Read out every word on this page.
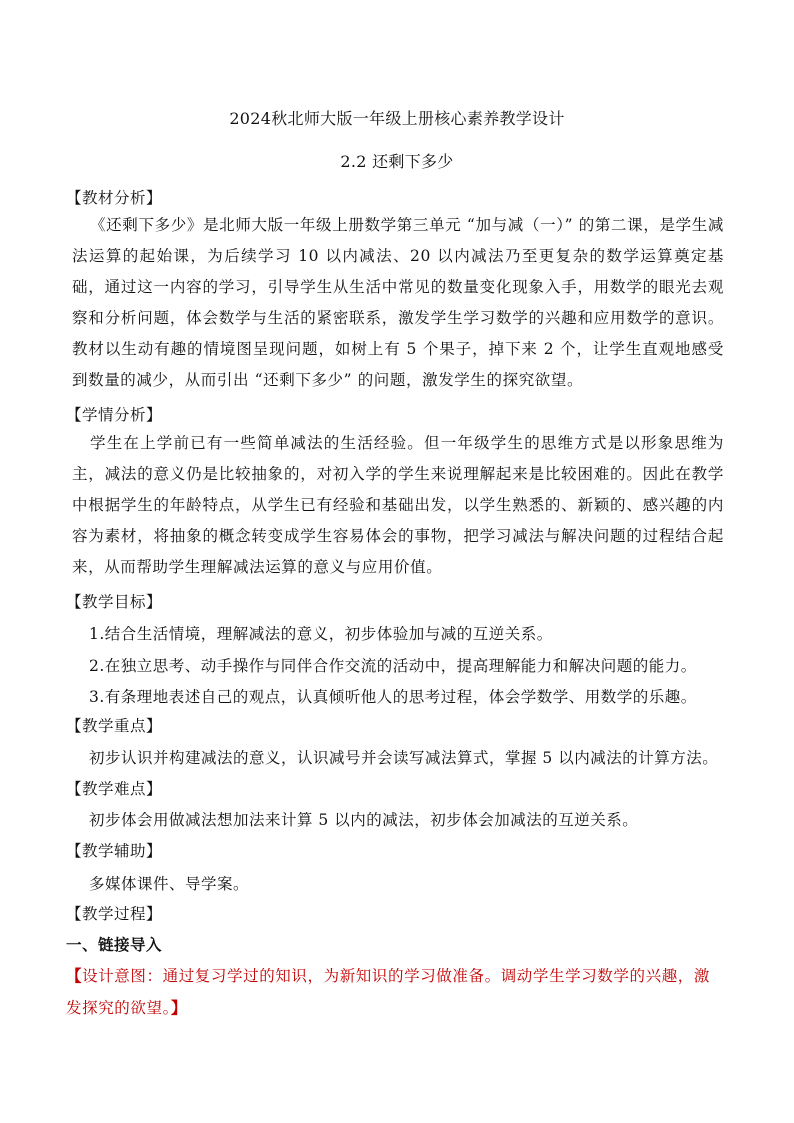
2024秋北师大版一年级上册核心素养教学设计
2.2 还剩下多少
【教材分析】
《还剩下多少》是北师大版一年级上册数学第三单元 “加与减（一）” 的第二课，是学生减法运算的起始课，为后续学习 10 以内减法、20 以内减法乃至更复杂的数学运算奠定基础，通过这一内容的学习，引导学生从生活中常见的数量变化现象入手，用数学的眼光去观察和分析问题，体会数学与生活的紧密联系，激发学生学习数学的兴趣和应用数学的意识。教材以生动有趣的情境图呈现问题，如树上有 5 个果子，掉下来 2 个，让学生直观地感受到数量的减少，从而引出 “还剩下多少” 的问题，激发学生的探究欲望。
【学情分析】
学生在上学前已有一些简单减法的生活经验。但一年级学生的思维方式是以形象思维为主，减法的意义仍是比较抽象的，对初入学的学生来说理解起来是比较困难的。因此在教学中根据学生的年龄特点，从学生已有经验和基础出发，以学生熟悉的、新颖的、感兴趣的内容为素材，将抽象的概念转变成学生容易体会的事物，把学习减法与解决问题的过程结合起来，从而帮助学生理解减法运算的意义与应用价值。
【教学目标】
1.结合生活情境，理解减法的意义，初步体验加与减的互逆关系。
2.在独立思考、动手操作与同伴合作交流的活动中，提高理解能力和解决问题的能力。
3.有条理地表述自己的观点，认真倾听他人的思考过程，体会学数学、用数学的乐趣。
【教学重点】
初步认识并构建减法的意义，认识减号并会读写减法算式，掌握 5 以内减法的计算方法。
【教学难点】
初步体会用做减法想加法来计算 5 以内的减法，初步体会加减法的互逆关系。
【教学辅助】
多媒体课件、导学案。
【教学过程】
一、链接导入
【设计意图：通过复习学过的知识，为新知识的学习做准备。调动学生学习数学的兴趣，激发探究的欲望。】
